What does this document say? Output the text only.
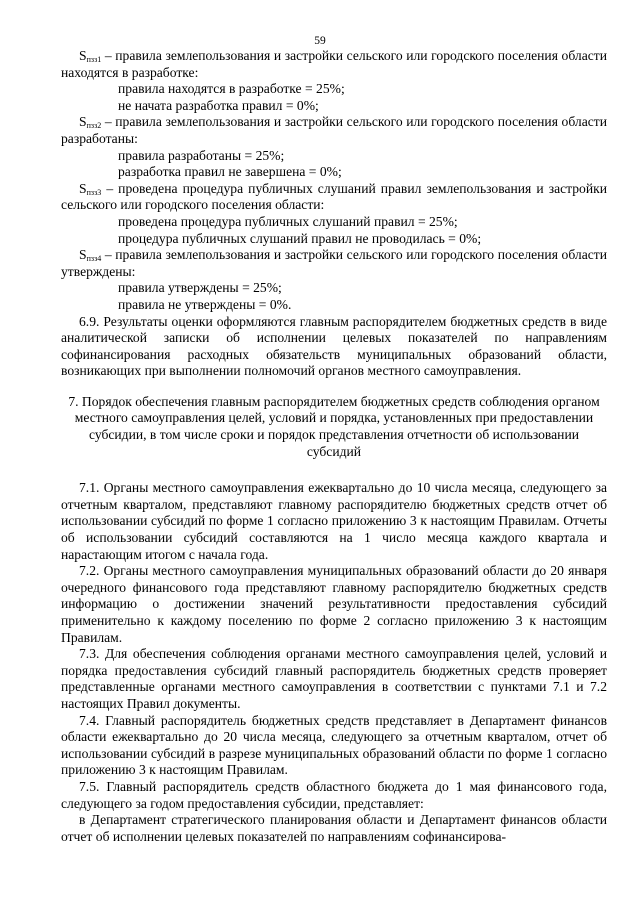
59

$S_{пзз1}$ – правила землепользования и застройки сельского или городского поселения области находятся в разработке:

правила находятся в разработке = 25%;

не начата разработка правил = 0%;

$S_{пзз2}$ – правила землепользования и застройки сельского или городского поселения области разработаны:

правила разработаны = 25%;

разработка правил не завершена = 0%;

$S_{пзз3}$ – проведена процедура публичных слушаний правил землепользования и застройки сельского или городского поселения области:

проведена процедура публичных слушаний правил = 25%;

процедура публичных слушаний правил не проводилась = 0%;

$S_{пзз4}$ – правила землепользования и застройки сельского или городского поселения области утверждены:

правила утверждены = 25%;

правила не утверждены = 0%.

6.9. Результаты оценки оформляются главным распорядителем бюджетных средств в виде аналитической записки об исполнении целевых показателей по направлениям софинансирования расходных обязательств муниципальных образований области, возникающих при выполнении полномочий органов местного самоуправления.

7. Порядок обеспечения главным распорядителем бюджетных средств соблюдения органом местного самоуправления целей, условий и порядка, установленных при предоставлении субсидии, в том числе сроки и порядок представления отчетности об использовании субсидий

7.1. Органы местного самоуправления ежеквартально до 10 числа месяца, следующего за отчетным кварталом, представляют главному распорядителю бюджетных средств отчет об использовании субсидий по форме 1 согласно приложению 3 к настоящим Правилам. Отчеты об использовании субсидий составляются на 1 число месяца каждого квартала и нарастающим итогом с начала года.

7.2. Органы местного самоуправления муниципальных образований области до 20 января очередного финансового года представляют главному распорядителю бюджетных средств информацию о достижении значений результативности предоставления субсидий применительно к каждому поселению по форме 2 согласно приложению 3 к настоящим Правилам.

7.3. Для обеспечения соблюдения органами местного самоуправления целей, условий и порядка предоставления субсидий главный распорядитель бюджетных средств проверяет представленные органами местного самоуправления в соответствии с пунктами 7.1 и 7.2 настоящих Правил документы.

7.4. Главный распорядитель бюджетных средств представляет в Департамент финансов области ежеквартально до 20 числа месяца, следующего за отчетным кварталом, отчет об использовании субсидий в разрезе муниципальных образований области по форме 1 согласно приложению 3 к настоящим Правилам.

7.5. Главный распорядитель средств областного бюджета до 1 мая финансового года, следующего за годом предоставления субсидии, представляет:

в Департамент стратегического планирования области и Департамент финансов области отчет об исполнении целевых показателей по направлениям софинансирова-
